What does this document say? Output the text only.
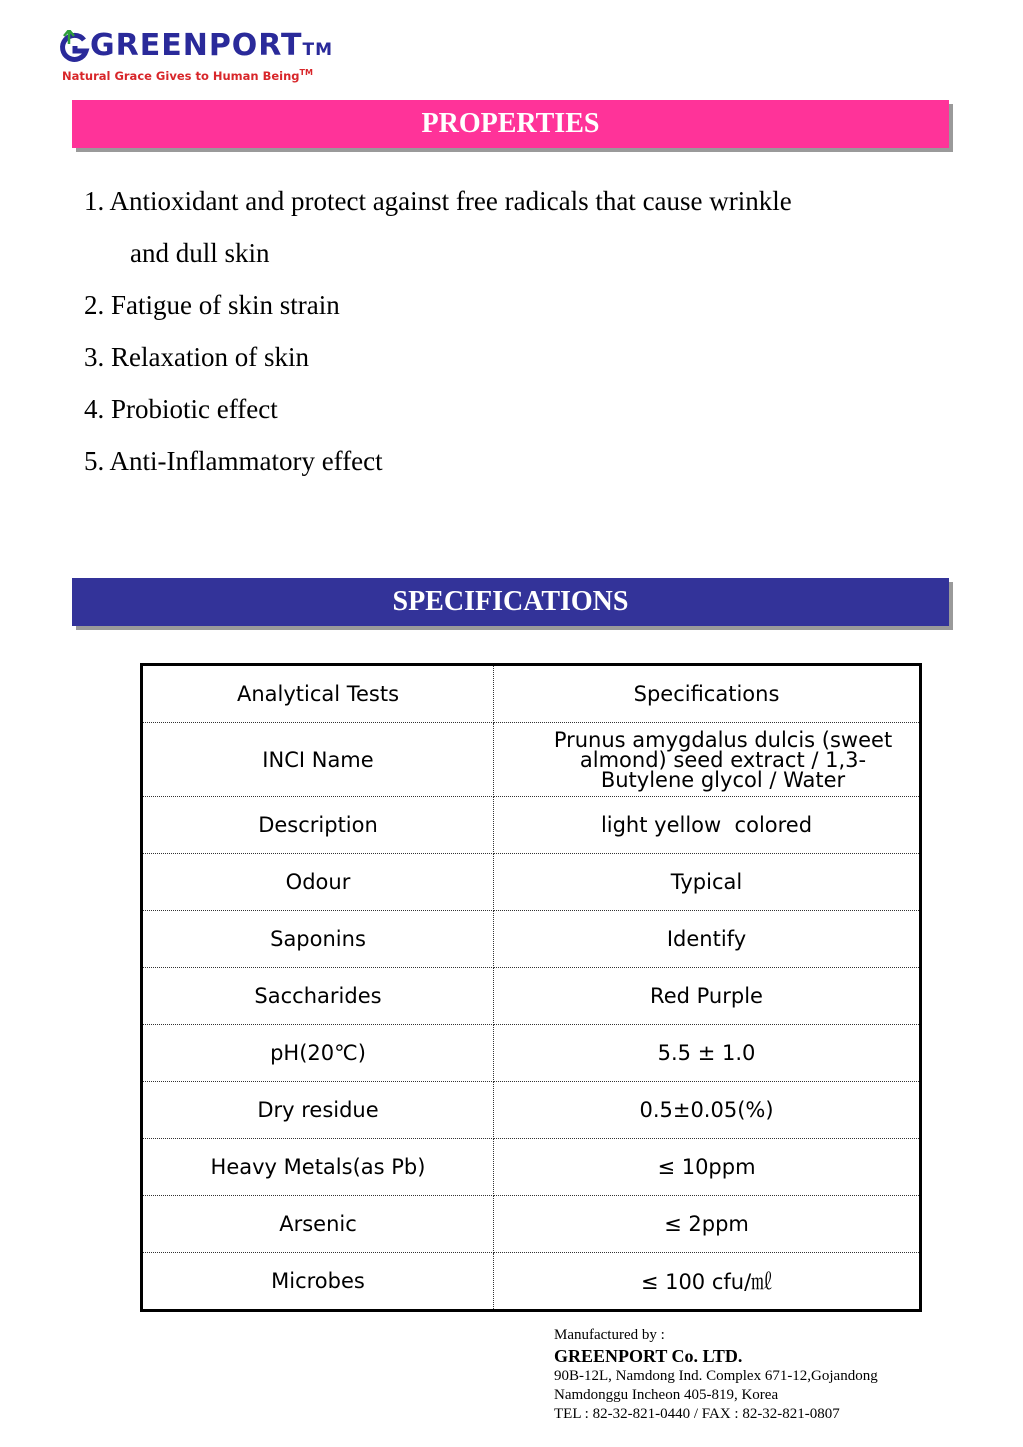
GREENPORTTM
Natural Grace Gives to Human Being™
PROPERTIES
1. Antioxidant and protect against free radicals that cause wrinkle
and dull skin
2. Fatigue of skin strain
3. Relaxation of skin
4. Probiotic effect
5. Anti-Inflammatory effect
SPECIFICATIONS
Analytical Tests	Specifications
INCI Name	Prunus amygdalus dulcis (sweet
almond) seed extract / 1,3-
Butylene glycol / Water

Description	light yellow  colored
Odour	Typical
Saponins	Identify
Saccharides	Red Purple
pH(20℃)	5.5 ± 1.0
Dry residue	0.5±0.05(%)
Heavy Metals(as Pb)	≤ 10ppm
Arsenic	≤ 2ppm
Microbes	≤ 100 cfu/㎖
Manufactured by :
GREENPORT Co. LTD.
90B-12L, Namdong Ind. Complex 671-12,Gojandong
Namdonggu Incheon 405-819, Korea
TEL : 82-32-821-0440 / FAX : 82-32-821-0807
